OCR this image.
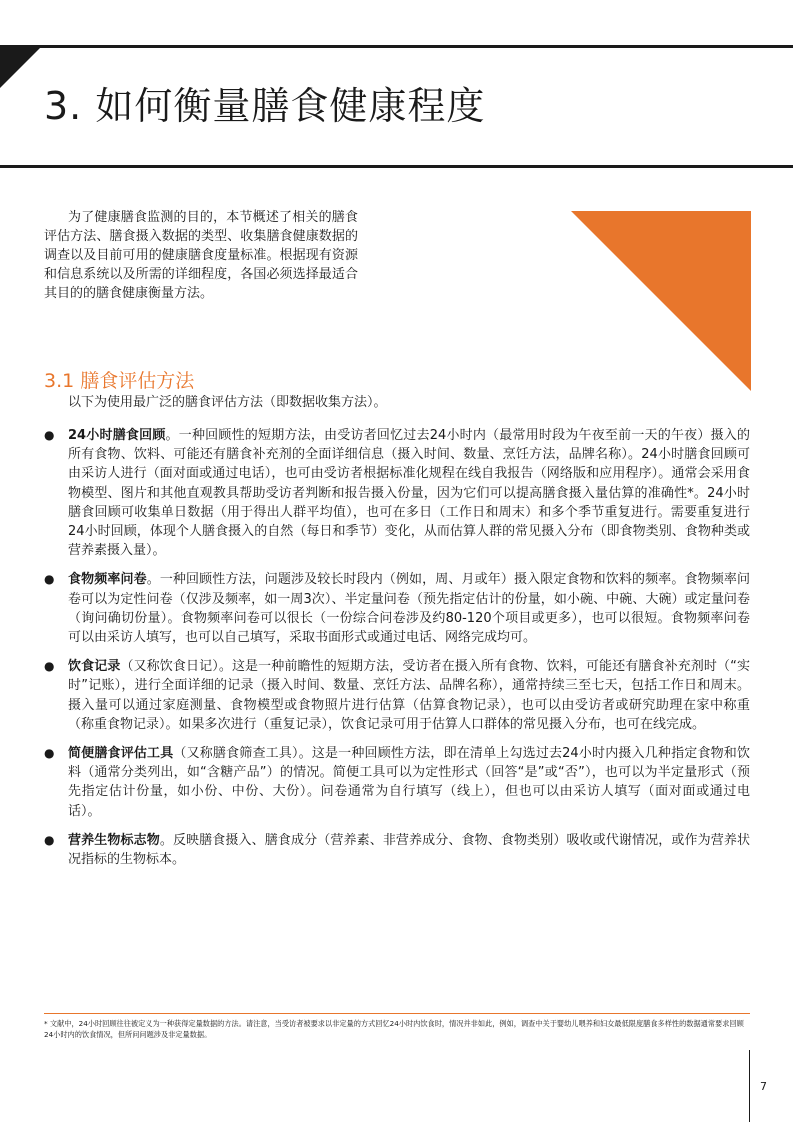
3. 如何衡量膳食健康程度

为了健康膳食监测的目的，本节概述了相关的膳食评估方法、膳食摄入数据的类型、收集膳食健康数据的调查以及目前可用的健康膳食度量标准。根据现有资源和信息系统以及所需的详细程度，各国必须选择最适合其目的的膳食健康衡量方法。

3.1 膳食评估方法

以下为使用最广泛的膳食评估方法（即数据收集方法）。

● 24小时膳食回顾。一种回顾性的短期方法，由受访者回忆过去24小时内（最常用时段为午夜至前一天的午夜）摄入的所有食物、饮料、可能还有膳食补充剂的全面详细信息（摄入时间、数量、烹饪方法，品牌名称）。24小时膳食回顾可由采访人进行（面对面或通过电话），也可由受访者根据标准化规程在线自我报告（网络版和应用程序）。通常会采用食物模型、图片和其他直观教具帮助受访者判断和报告摄入份量，因为它们可以提高膳食摄入量估算的准确性*。24小时膳食回顾可收集单日数据（用于得出人群平均值），也可在多日（工作日和周末）和多个季节重复进行。需要重复进行24小时回顾，体现个人膳食摄入的自然（每日和季节）变化，从而估算人群的常见摄入分布（即食物类别、食物种类或营养素摄入量）。
● 食物频率问卷。一种回顾性方法，问题涉及较长时段内（例如，周、月或年）摄入限定食物和饮料的频率。食物频率问卷可以为定性问卷（仅涉及频率，如一周3次）、半定量问卷（预先指定估计的份量，如小碗、中碗、大碗）或定量问卷（询问确切份量）。食物频率问卷可以很长（一份综合问卷涉及约80-120个项目或更多），也可以很短。食物频率问卷可以由采访人填写，也可以自己填写，采取书面形式或通过电话、网络完成均可。
● 饮食记录（又称饮食日记）。这是一种前瞻性的短期方法，受访者在摄入所有食物、饮料，可能还有膳食补充剂时（“实时”记账），进行全面详细的记录（摄入时间、数量、烹饪方法、品牌名称），通常持续三至七天，包括工作日和周末。摄入量可以通过家庭测量、食物模型或食物照片进行估算（估算食物记录），也可以由受访者或研究助理在家中称重（称重食物记录）。如果多次进行（重复记录），饮食记录可用于估算人口群体的常见摄入分布，也可在线完成。
● 简便膳食评估工具（又称膳食筛查工具）。这是一种回顾性方法，即在清单上勾选过去24小时内摄入几种指定食物和饮料（通常分类列出，如“含糖产品”）的情况。简便工具可以为定性形式（回答“是”或“否”），也可以为半定量形式（预先指定估计份量，如小份、中份、大份）。问卷通常为自行填写（线上），但也可以由采访人填写（面对面或通过电话）。
● 营养生物标志物。反映膳食摄入、膳食成分（营养素、非营养成分、食物、食物类别）吸收或代谢情况，或作为营养状况指标的生物标本。

* 文献中，24小时回顾往往被定义为一种获得定量数据的方法。请注意，当受访者被要求以非定量的方式回忆24小时内饮食时，情况并非如此，例如，调查中关于婴幼儿喂养和妇女最低限度膳食多样性的数据通常要求回顾24小时内的饮食情况，但所问问题涉及非定量数据。

7
